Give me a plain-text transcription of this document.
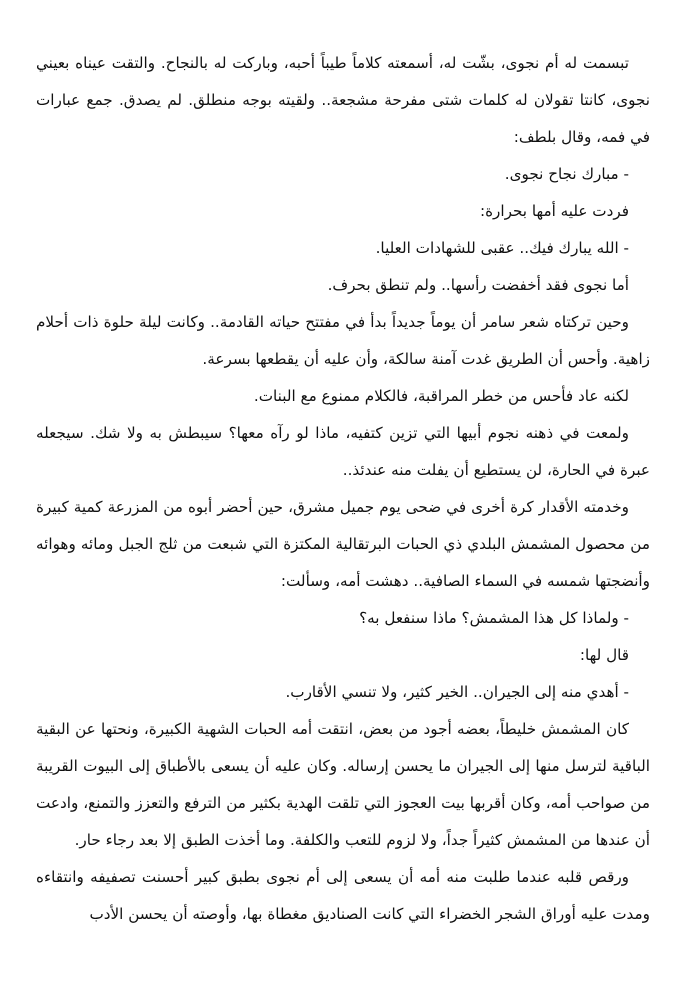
تبسمت له أم نجوى، بشّت له، أسمعته كلاماً طيباً أحبه، وباركت له بالنجاح. والتقت عيناه بعيني نجوى، كانتا تقولان له كلمات شتى مفرحة مشجعة.. ولقيته بوجه منطلق. لم يصدق. جمع عبارات في فمه، وقال بلطف:

- مبارك نجاح نجوى.

فردت عليه أمها بحرارة:

- الله يبارك فيك.. عقبى للشهادات العليا.

أما نجوى فقد أخفضت رأسها.. ولم تنطق بحرف.

وحين تركتاه شعر سامر أن يوماً جديداً بدأ في مفتتح حياته القادمة.. وكانت ليلة حلوة ذات أحلام زاهية. وأحس أن الطريق غدت آمنة سالكة، وأن عليه أن يقطعها بسرعة.

لكنه عاد فأحس من خطر المراقبة، فالكلام ممنوع مع البنات.

ولمعت في ذهنه نجوم أبيها التي تزين كتفيه، ماذا لو رآه معها؟ سيبطش به ولا شك. سيجعله عبرة في الحارة، لن يستطيع أن يفلت منه عندئذ..

وخدمته الأقدار كرة أخرى في ضحى يوم جميل مشرق، حين أحضر أبوه من المزرعة كمية كبيرة من محصول المشمش البلدي ذي الحبات البرتقالية المكتزة التي شبعت من ثلج الجبل ومائه وهوائه وأنضجتها شمسه في السماء الصافية.. دهشت أمه، وسألت:

- ولماذا كل هذا المشمش؟ ماذا سنفعل به؟

قال لها:

- أهدي منه إلى الجيران.. الخير كثير، ولا تنسي الأقارب.

كان المشمش خليطاً، بعضه أجود من بعض، انتقت أمه الحبات الشهية الكبيرة، ونحتها عن البقية الباقية لترسل منها إلى الجيران ما يحسن إرساله. وكان عليه أن يسعى بالأطباق إلى البيوت القريبة من صواحب أمه، وكان أقربها بيت العجوز التي تلقت الهدية بكثير من الترفع والتعزز والتمنع، وادعت أن عندها من المشمش كثيراً جداً، ولا لزوم للتعب والكلفة. وما أخذت الطبق إلا بعد رجاء حار.

ورقص قلبه عندما طلبت منه أمه أن يسعى إلى أم نجوى بطبق كبير أحسنت تصفيفه وانتقاءه ومدت عليه أوراق الشجر الخضراء التي كانت الصناديق مغطاة بها، وأوصته أن يحسن الأدب
